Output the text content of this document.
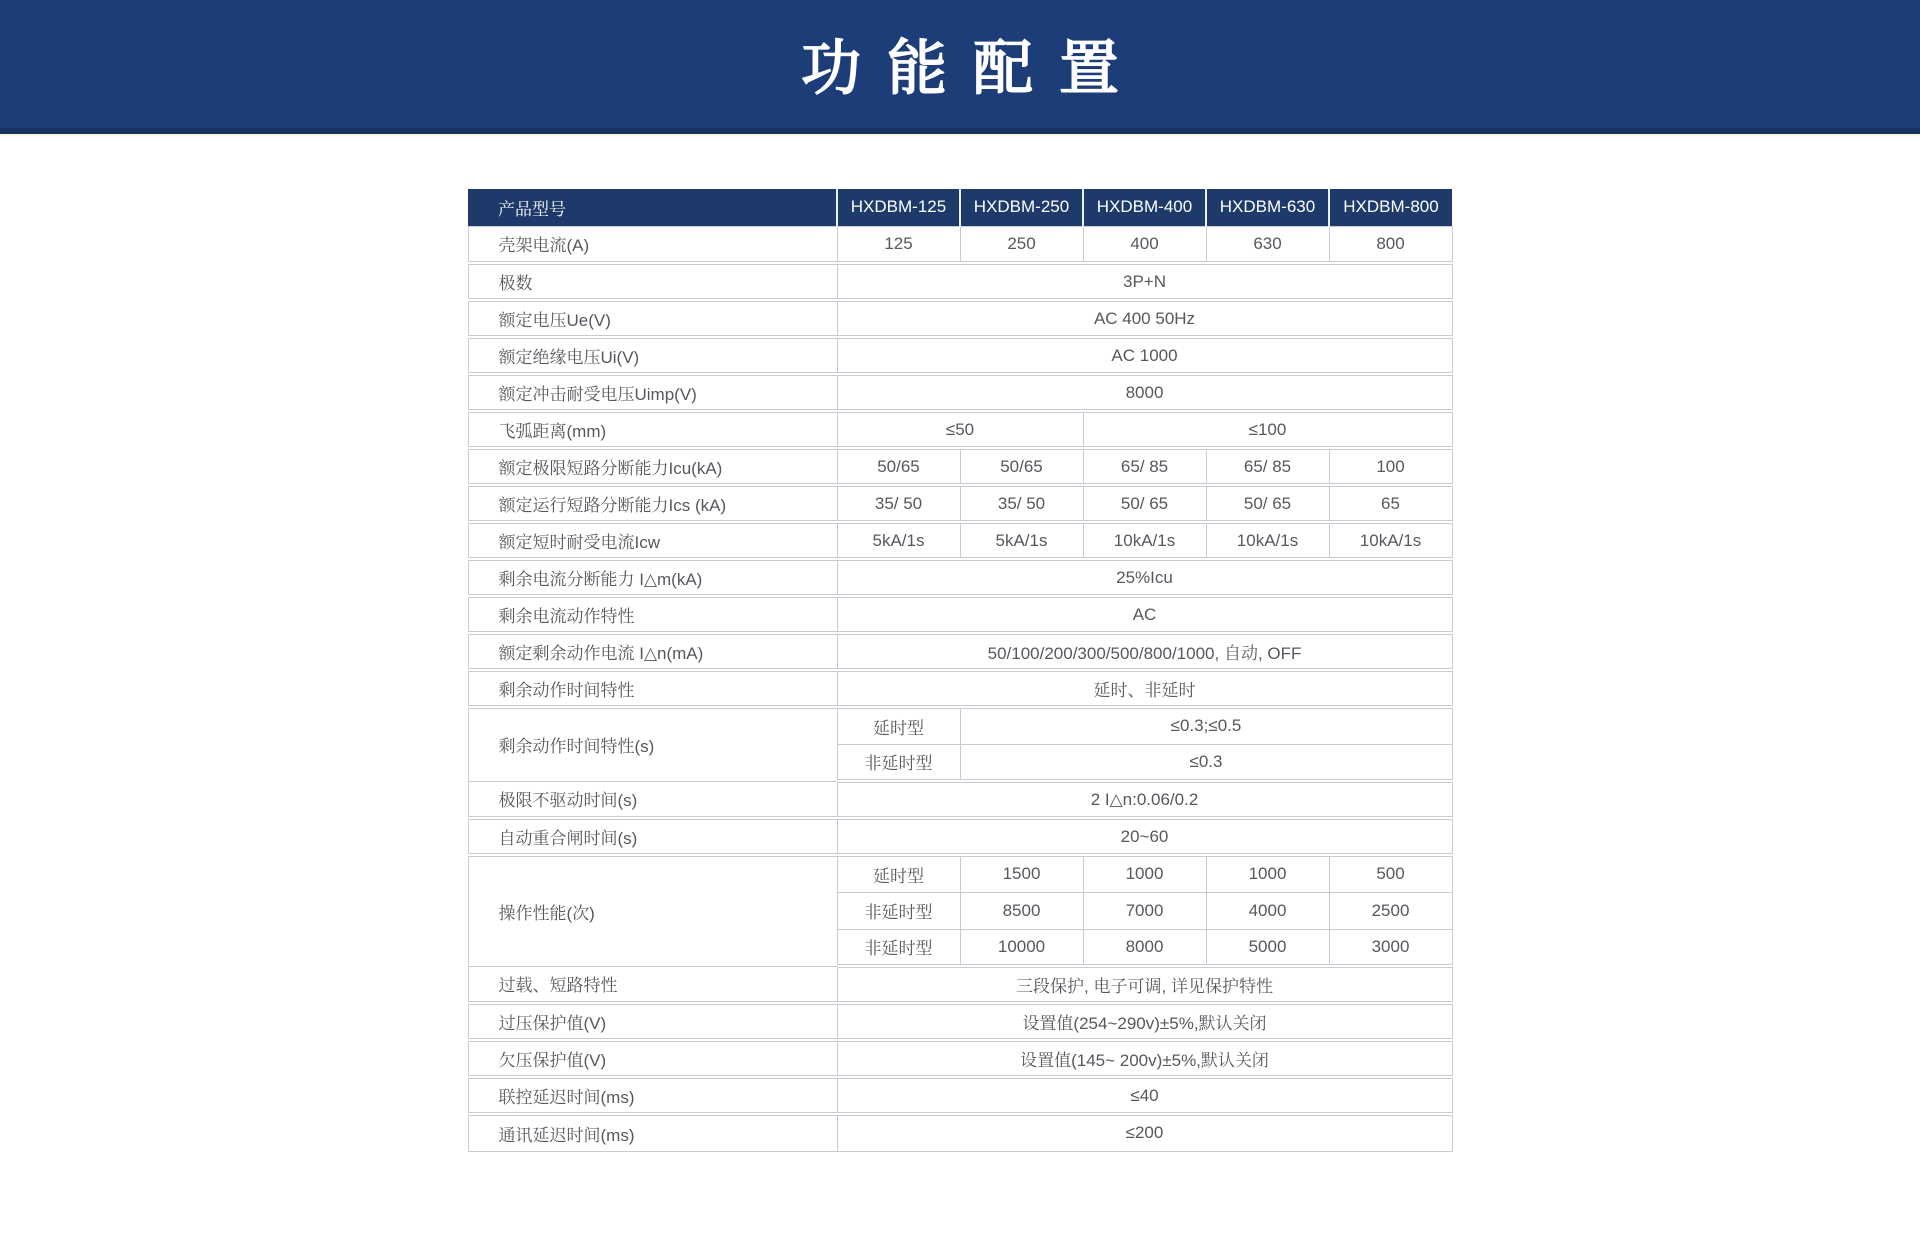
功能配置
产品型号	HXDBM-125	HXDBM-250	HXDBM-400	HXDBM-630	HXDBM-800
壳架电流(A)	125	250	400	630	800
极数	3P+N				
额定电压Ue(V)	AC 400 50Hz				
额定绝缘电压Ui(V)	AC 1000				
额定冲击耐受电压Uimp(V)	8000				
飞弧距离(mm)	≤50		≤100		
额定极限短路分断能力Icu(kA)	50/65	50/65	65/ 85	65/ 85	100
额定运行短路分断能力Ics (kA)	35/ 50	35/ 50	50/ 65	50/ 65	65
额定短时耐受电流Icw	5kA/1s	5kA/1s	10kA/1s	10kA/1s	10kA/1s
剩余电流分断能力 I△m(kA)	25%Icu				
剩余电流动作特性	AC				
额定剩余动作电流 I△n(mA)	50/100/200/300/500/800/1000, 自动, OFF				
剩余动作时间特性	延时、非延时				
剩余动作时间特性(s)	延时型	≤0.3;≤0.5			
	非延时型	≤0.3			
极限不驱动时间(s)	2 I△n:0.06/0.2				
自动重合闸时间(s)	20~60				
操作性能(次)	延时型	1500	1000	1000	500
	非延时型	8500	7000	4000	2500
	非延时型	10000	8000	5000	3000
过载、短路特性	三段保护, 电子可调, 详见保护特性				
过压保护值(V)	设置值(254~290v)±5%,默认关闭				
欠压保护值(V)	设置值(145~ 200v)±5%,默认关闭				
联控延迟时间(ms)	≤40				
通讯延迟时间(ms)	≤200				
